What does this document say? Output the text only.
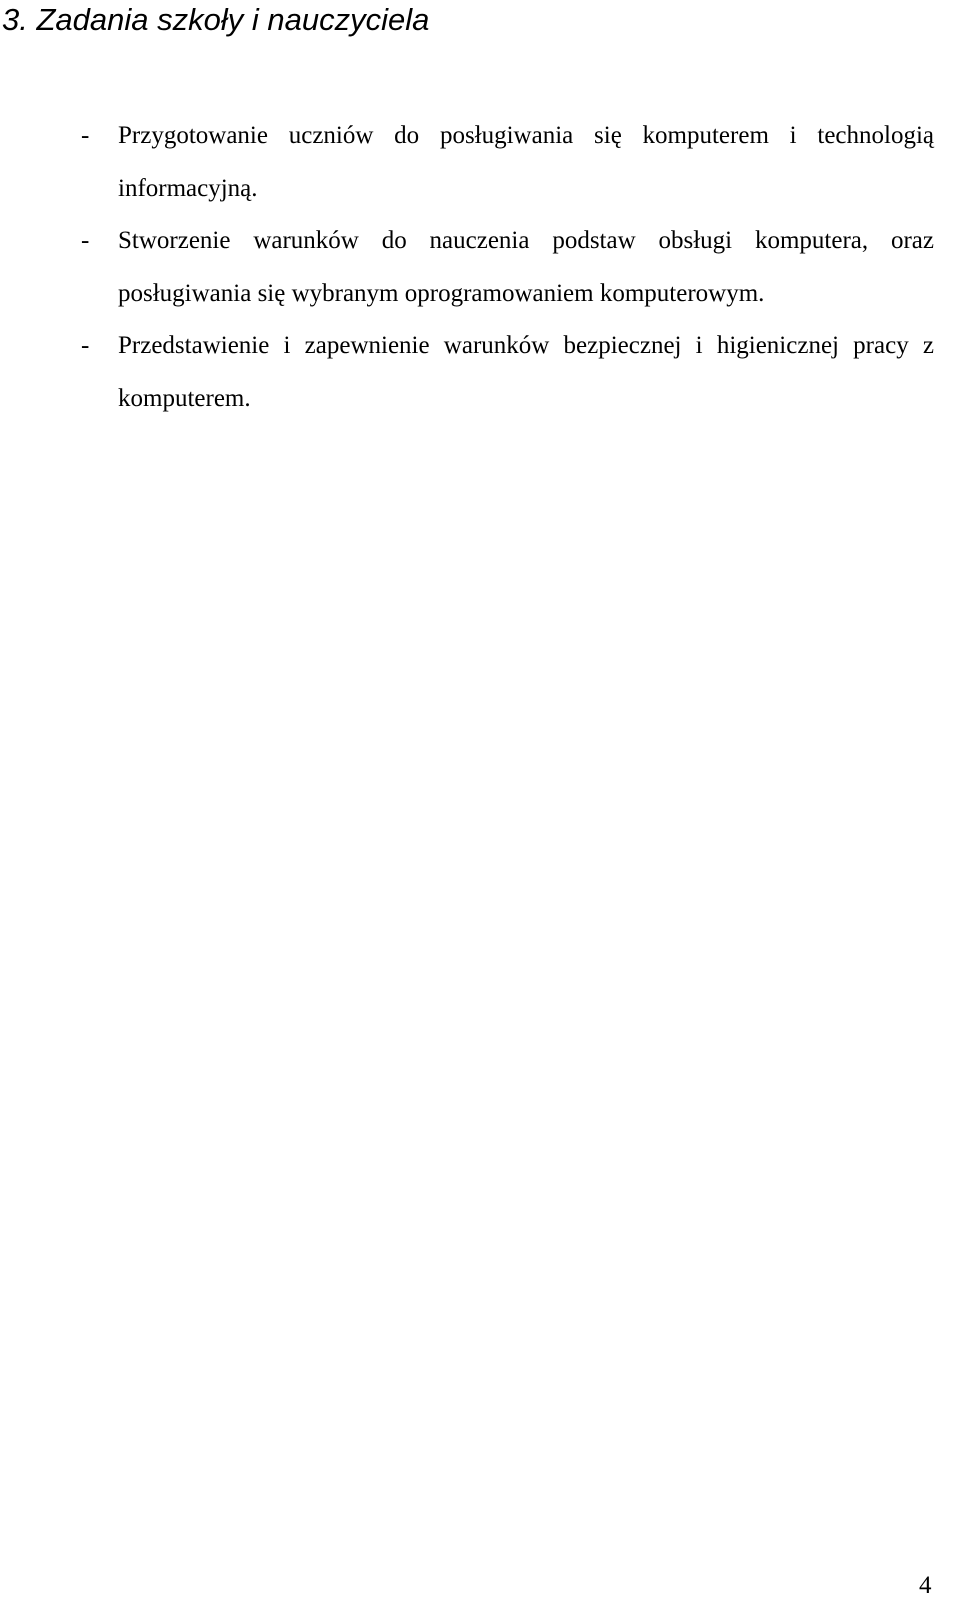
3. Zadania szkoły i nauczyciela
- Przygotowanie uczniów do posługiwania się komputerem i technologią informacyjną.
- Stworzenie warunków do nauczenia podstaw obsługi komputera, oraz posługiwania się wybranym oprogramowaniem komputerowym.
- Przedstawienie i zapewnienie warunków bezpiecznej i higienicznej pracy z komputerem.
4
